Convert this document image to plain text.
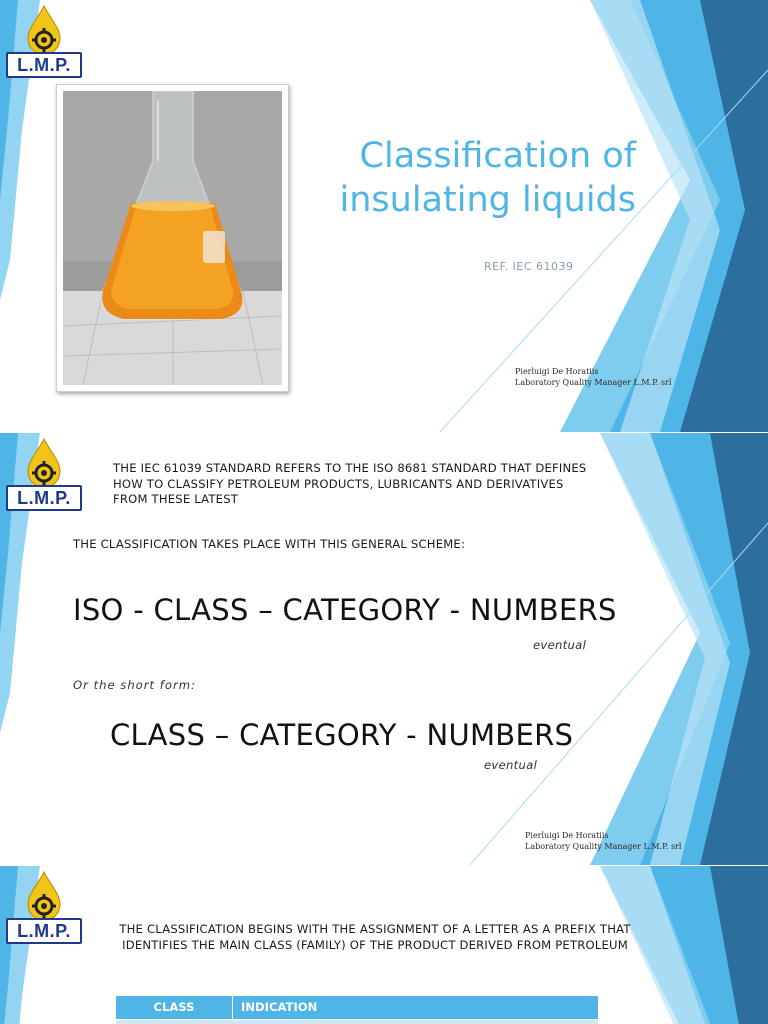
L.M.P.
Classification of
insulating liquids
REF. IEC 61039
Pierluigi De Horatiis
Laboratory Quality Manager L.M.P. srl
L.M.P.
THE IEC 61039 STANDARD REFERS TO THE ISO 8681 STANDARD THAT DEFINES HOW TO CLASSIFY PETROLEUM PRODUCTS, LUBRICANTS AND DERIVATIVES FROM THESE LATEST
THE CLASSIFICATION TAKES PLACE WITH THIS GENERAL SCHEME:
ISO - CLASS – CATEGORY - NUMBERS
eventual
Or the short form:
CLASS – CATEGORY - NUMBERS
eventual
Pierluigi De Horatiis
Laboratory Quality Manager L.M.P. srl
L.M.P.	THE CLASSIFICATION BEGINS WITH THE ASSIGNMENT OF A LETTER AS A PREFIX THAT IDENTIFIES THE MAIN CLASS (FAMILY) OF THE PRODUCT DERIVED FROM PETROLEUM
CLASS	INDICATION
